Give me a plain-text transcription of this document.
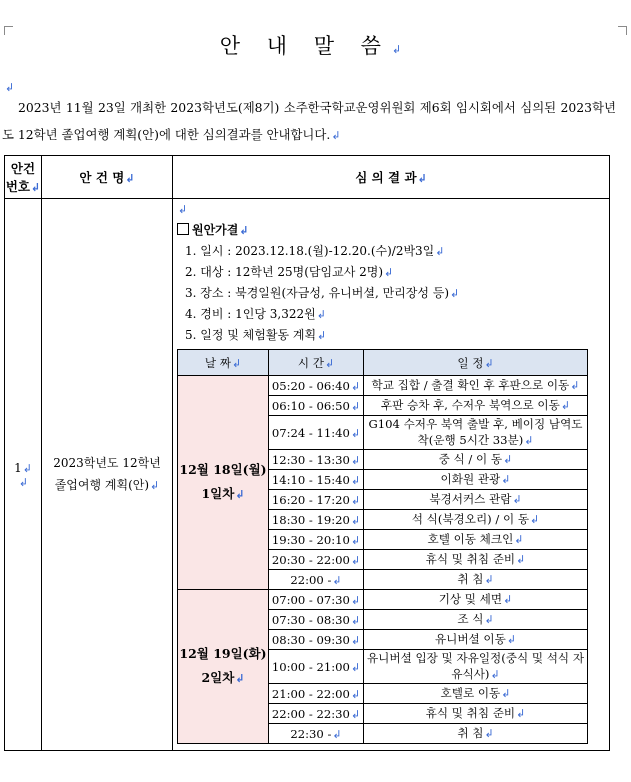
안 내 말 씀↲
↲
2023년 11월 23일 개최한 2023학년도(제8기) 소주한국학교운영위원회 제6회 임시회에서 심의된 2023학년도 12학년 졸업여행 계획(안)에 대한 심의결과를 안내합니다.↲
안건
번호↲	안 건 명↲	심 의 결 과↲
1↲
↲	2023학년도 12학년
졸업여행 계획(안)↲	
↲
원안가결↲
1. 일시 : 2023.12.18.(월)-12.20.(수)/2박3일↲
2. 대상 : 12학년 25명(담임교사 2명)↲
3. 장소 : 북경일원(자금성, 유니버셜, 만리장성 등)↲
4. 경비 : 1인당 3,322원↲
5. 일정 및 체험활동 계획↲
날 짜↲	시 간↲	일 정↲
12월 18일(월)
1일차↲	05:20 - 06:40↲	학교 집합 / 출결 확인 후 후판으로 이동↲
06:10 - 06:50↲	후판 승차 후, 수저우 북역으로 이동↲
07:24 - 11:40↲	G104 수저우 북역 출발 후, 베이징 남역도착(운행 5시간 33분)↲
12:30 - 13:30↲	중 식 / 이 동↲
14:10 - 15:40↲	이화원 관광↲
16:20 - 17:20↲	북경서커스 관람↲
18:30 - 19:20↲	석 식(북경오리) / 이 동↲
19:30 - 20:10↲	호텔 이동 체크인↲
20:30 - 22:00↲	휴식 및 취침 준비↲
22:00 -↲	취 침↲
12월 19일(화)
2일차↲	07:00 - 07:30↲	기상 및 세면↲
07:30 - 08:30↲	조 식↲
08:30 - 09:30↲	유니버셜 이동↲
10:00 - 21:00↲	유니버셜 입장 및 자유일정(중식 및 석식 자유식사)↲
21:00 - 22:00↲	호텔로 이동↲
22:00 - 22:30↲	휴식 및 취침 준비↲
22:30 -↲	취 침↲
